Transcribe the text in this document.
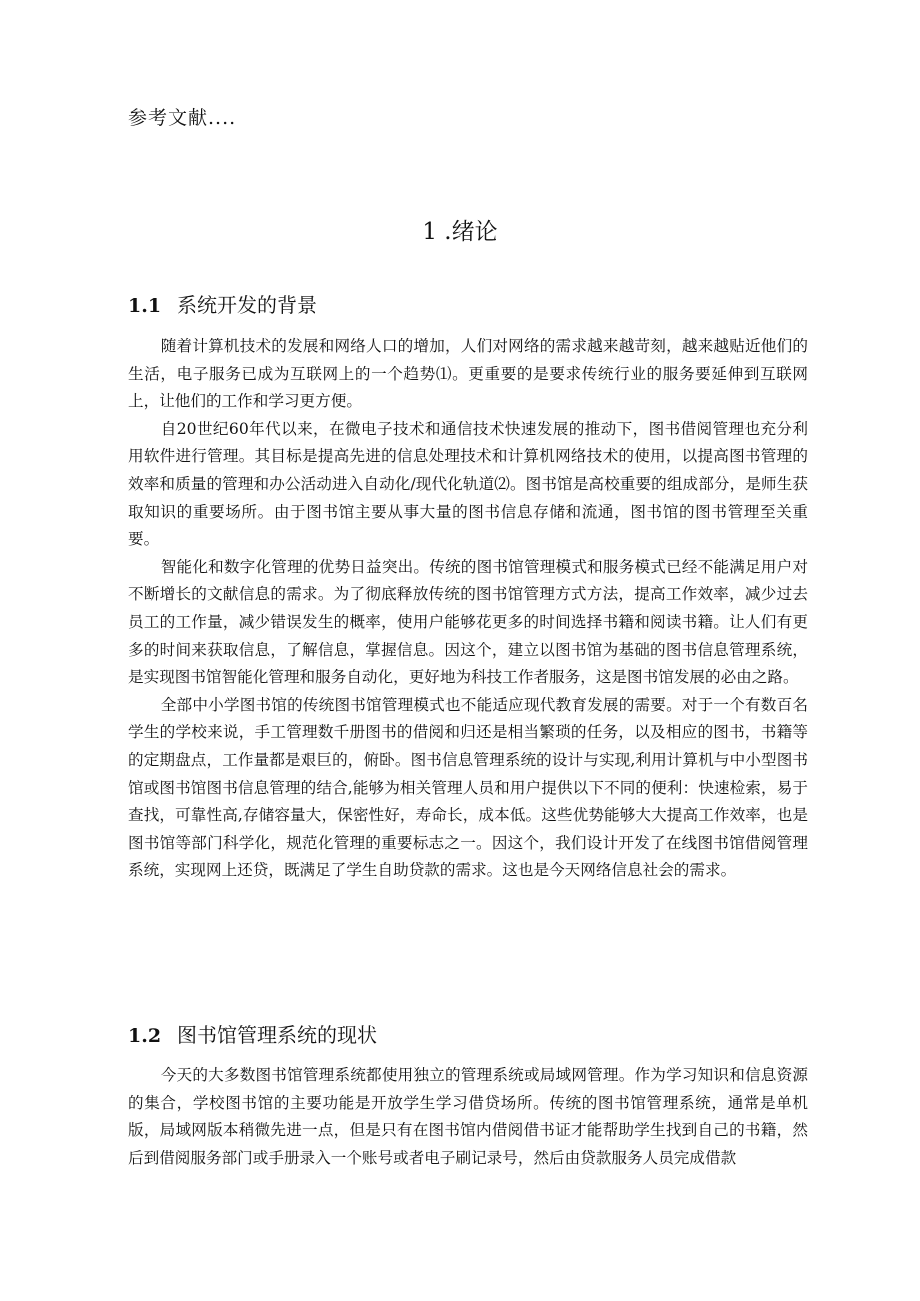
参考文献....
1 .绪论
1.1 系统开发的背景

随着计算机技术的发展和网络人口的增加，人们对网络的需求越来越苛刻，越来越贴近他们的生活，电子服务已成为互联网上的一个趋势⑴。更重要的是要求传统行业的服务要延伸到互联网上，让他们的工作和学习更方便。

自20世纪60年代以来，在微电子技术和通信技术快速发展的推动下，图书借阅管理也充分利用软件进行管理。其目标是提高先进的信息处理技术和计算机网络技术的使用，以提高图书管理的效率和质量的管理和办公活动进入自动化/现代化轨道⑵。图书馆是高校重要的组成部分，是师生获取知识的重要场所。由于图书馆主要从事大量的图书信息存储和流通，图书馆的图书管理至关重要。

智能化和数字化管理的优势日益突出。传统的图书馆管理模式和服务模式已经不能满足用户对不断增长的文献信息的需求。为了彻底释放传统的图书馆管理方式方法，提高工作效率，减少过去员工的工作量，减少错误发生的概率，使用户能够花更多的时间选择书籍和阅读书籍。让人们有更多的时间来获取信息，了解信息，掌握信息。因这个，建立以图书馆为基础的图书信息管理系统，是实现图书馆智能化管理和服务自动化，更好地为科技工作者服务，这是图书馆发展的必由之路。

全部中小学图书馆的传统图书馆管理模式也不能适应现代教育发展的需要。对于一个有数百名学生的学校来说，手工管理数千册图书的借阅和归还是相当繁琐的任务，以及相应的图书，书籍等的定期盘点，工作量都是艰巨的，俯卧。图书信息管理系统的设计与实现,利用计算机与中小型图书馆或图书馆图书信息管理的结合,能够为相关管理人员和用户提供以下不同的便利：快速检索，易于查找，可靠性高,存储容量大，保密性好，寿命长，成本低。这些优势能够大大提高工作效率，也是图书馆等部门科学化，规范化管理的重要标志之一。因这个，我们设计开发了在线图书馆借阅管理系统，实现网上还贷，既满足了学生自助贷款的需求。这也是今天网络信息社会的需求。

1.2 图书馆管理系统的现状

今天的大多数图书馆管理系统都使用独立的管理系统或局域网管理。作为学习知识和信息资源的集合，学校图书馆的主要功能是开放学生学习借贷场所。传统的图书馆管理系统，通常是单机版，局域网版本稍微先进一点，但是只有在图书馆内借阅借书证才能帮助学生找到自己的书籍，然后到借阅服务部门或手册录入一个账号或者电子刷记录号，然后由贷款服务人员完成借款
